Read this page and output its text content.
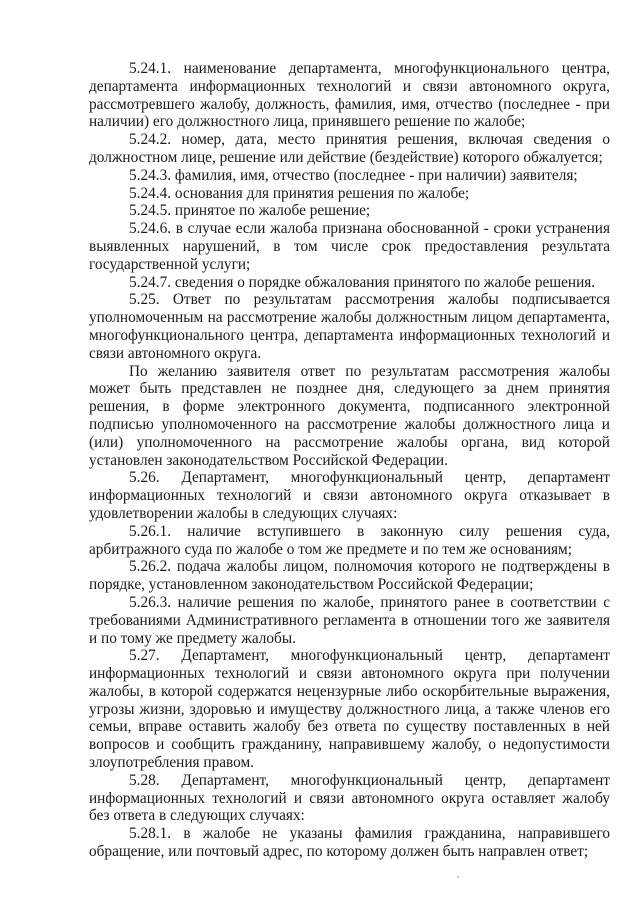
5.24.1. наименование департамента, многофункционального центра, департамента информационных технологий и связи автономного округа, рассмотревшего жалобу, должность, фамилия, имя, отчество (последнее - при наличии) его должностного лица, принявшего решение по жалобе;

5.24.2. номер, дата, место принятия решения, включая сведения о должностном лице, решение или действие (бездействие) которого обжалуется;

5.24.3. фамилия, имя, отчество (последнее - при наличии) заявителя;

5.24.4. основания для принятия решения по жалобе;

5.24.5. принятое по жалобе решение;

5.24.6. в случае если жалоба признана обоснованной - сроки устранения выявленных нарушений, в том числе срок предоставления результата государственной услуги;

5.24.7. сведения о порядке обжалования принятого по жалобе решения.

5.25. Ответ по результатам рассмотрения жалобы подписывается уполномоченным на рассмотрение жалобы должностным лицом департамента, многофункционального центра, департамента информационных технологий и связи автономного округа.

По желанию заявителя ответ по результатам рассмотрения жалобы может быть представлен не позднее дня, следующего за днем принятия решения, в форме электронного документа, подписанного электронной подписью уполномоченного на рассмотрение жалобы должностного лица и (или) уполномоченного на рассмотрение жалобы органа, вид которой установлен законодательством Российской Федерации.

5.26. Департамент, многофункциональный центр, департамент информационных технологий и связи автономного округа отказывает в удовлетворении жалобы в следующих случаях:

5.26.1. наличие вступившего в законную силу решения суда, арбитражного суда по жалобе о том же предмете и по тем же основаниям;

5.26.2. подача жалобы лицом, полномочия которого не подтверждены в порядке, установленном законодательством Российской Федерации;

5.26.3. наличие решения по жалобе, принятого ранее в соответствии с требованиями Административного регламента в отношении того же заявителя и по тому же предмету жалобы.

5.27. Департамент, многофункциональный центр, департамент информационных технологий и связи автономного округа при получении жалобы, в которой содержатся нецензурные либо оскорбительные выражения, угрозы жизни, здоровью и имуществу должностного лица, а также членов его семьи, вправе оставить жалобу без ответа по существу поставленных в ней вопросов и сообщить гражданину, направившему жалобу, о недопустимости злоупотребления правом.

5.28. Департамент, многофункциональный центр, департамент информационных технологий и связи автономного округа оставляет жалобу без ответа в следующих случаях:

5.28.1. в жалобе не указаны фамилия гражданина, направившего обращение, или почтовый адрес, по которому должен быть направлен ответ;
